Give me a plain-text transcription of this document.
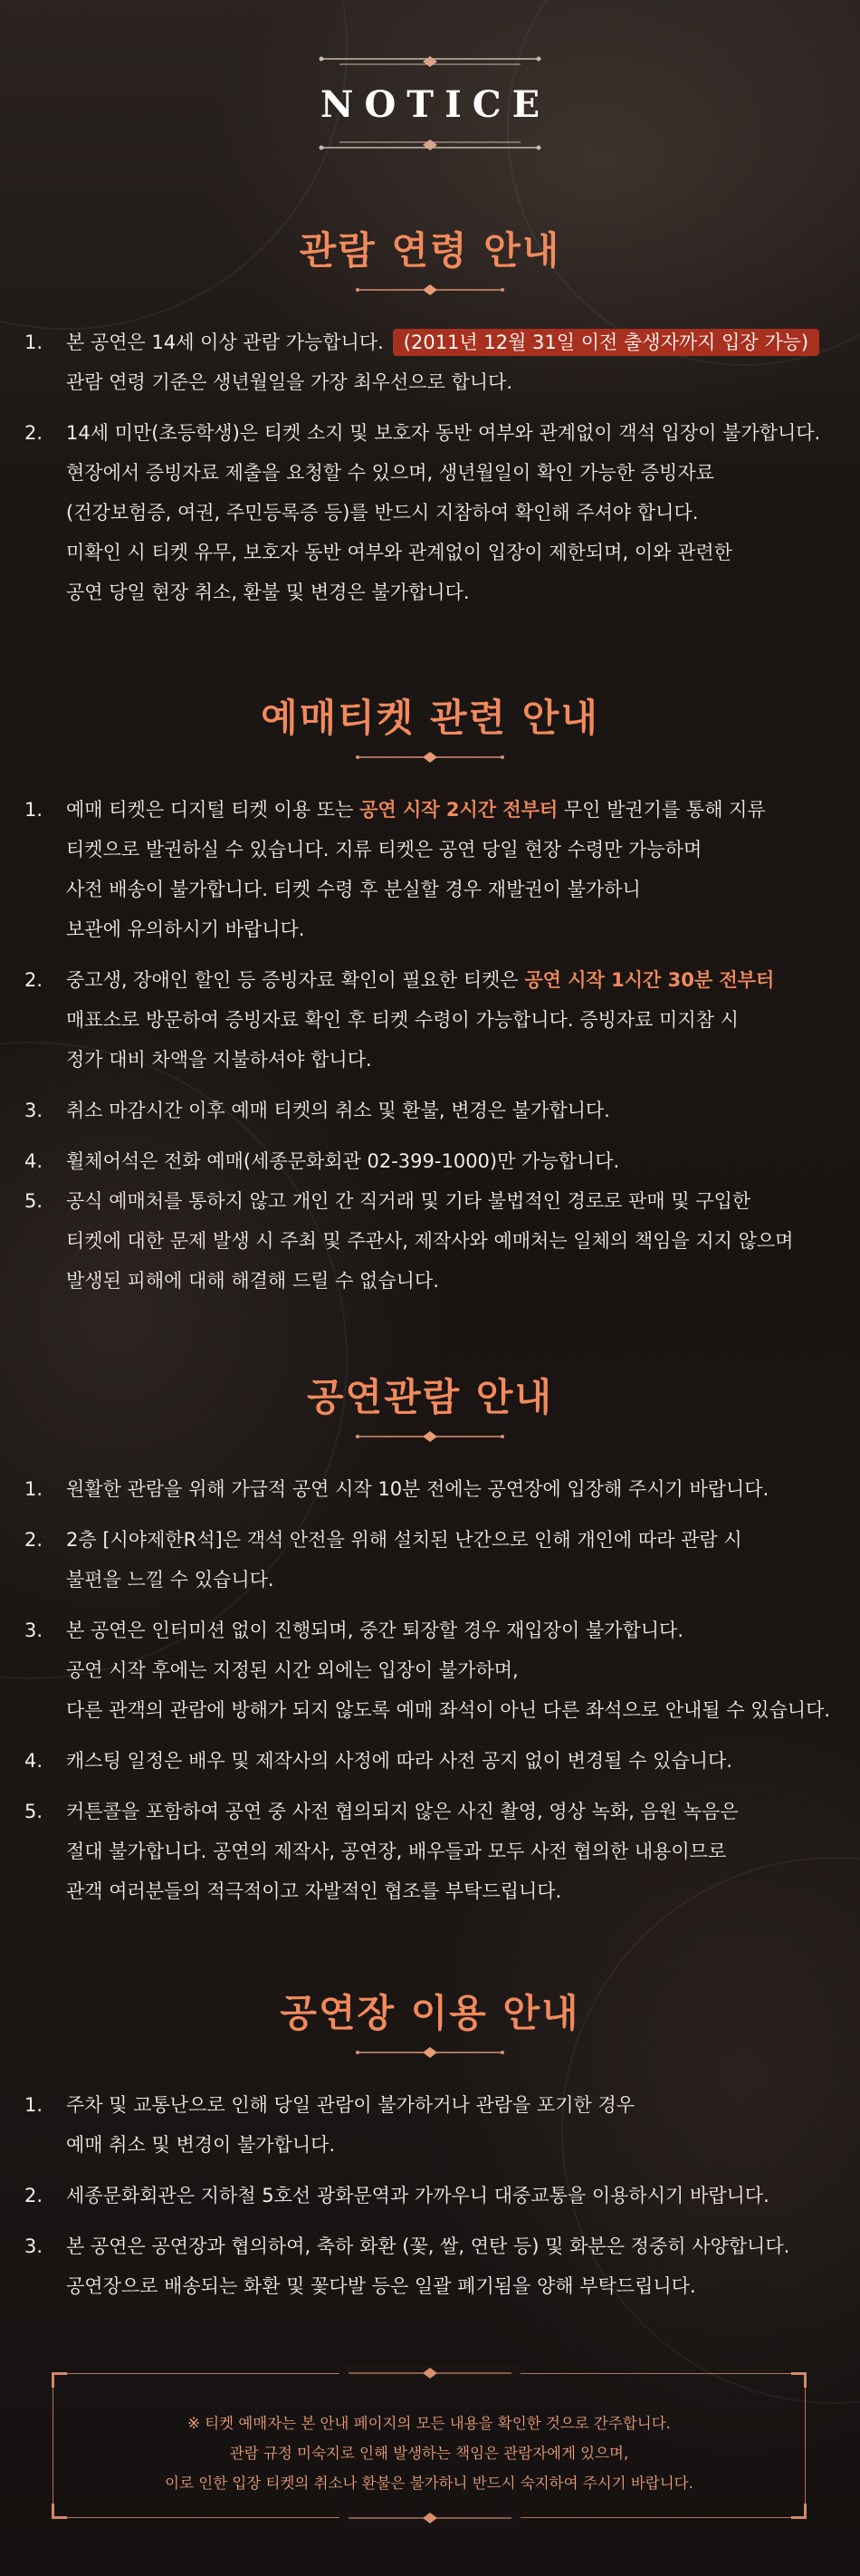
NOTICE
관람 연령 안내
1. 본 공연은 14세 이상 관람 가능합니다. (2011년 12월 31일 이전 출생자까지 입장 가능)
관람 연령 기준은 생년월일을 가장 최우선으로 합니다.
2. 14세 미만(초등학생)은 티켓 소지 및 보호자 동반 여부와 관계없이 객석 입장이 불가합니다.
현장에서 증빙자료 제출을 요청할 수 있으며, 생년월일이 확인 가능한 증빙자료
(건강보험증, 여권, 주민등록증 등)를 반드시 지참하여 확인해 주셔야 합니다.
미확인 시 티켓 유무, 보호자 동반 여부와 관계없이 입장이 제한되며, 이와 관련한
공연 당일 현장 취소, 환불 및 변경은 불가합니다.
예매티켓 관련 안내
1. 예매 티켓은 디지털 티켓 이용 또는 공연 시작 2시간 전부터 무인 발권기를 통해 지류
티켓으로 발권하실 수 있습니다. 지류 티켓은 공연 당일 현장 수령만 가능하며
사전 배송이 불가합니다. 티켓 수령 후 분실할 경우 재발권이 불가하니
보관에 유의하시기 바랍니다.
2. 중고생, 장애인 할인 등 증빙자료 확인이 필요한 티켓은 공연 시작 1시간 30분 전부터
매표소로 방문하여 증빙자료 확인 후 티켓 수령이 가능합니다. 증빙자료 미지참 시
정가 대비 차액을 지불하셔야 합니다.
3. 취소 마감시간 이후 예매 티켓의 취소 및 환불, 변경은 불가합니다.
4. 휠체어석은 전화 예매(세종문화회관 02-399-1000)만 가능합니다.
5. 공식 예매처를 통하지 않고 개인 간 직거래 및 기타 불법적인 경로로 판매 및 구입한
티켓에 대한 문제 발생 시 주최 및 주관사, 제작사와 예매처는 일체의 책임을 지지 않으며
발생된 피해에 대해 해결해 드릴 수 없습니다.
공연관람 안내
1. 원활한 관람을 위해 가급적 공연 시작 10분 전에는 공연장에 입장해 주시기 바랍니다.
2. 2층 [시야제한R석]은 객석 안전을 위해 설치된 난간으로 인해 개인에 따라 관람 시
불편을 느낄 수 있습니다.
3. 본 공연은 인터미션 없이 진행되며, 중간 퇴장할 경우 재입장이 불가합니다.
공연 시작 후에는 지정된 시간 외에는 입장이 불가하며,
다른 관객의 관람에 방해가 되지 않도록 예매 좌석이 아닌 다른 좌석으로 안내될 수 있습니다.
4. 캐스팅 일정은 배우 및 제작사의 사정에 따라 사전 공지 없이 변경될 수 있습니다.
5. 커튼콜을 포함하여 공연 중 사전 협의되지 않은 사진 촬영, 영상 녹화, 음원 녹음은
절대 불가합니다. 공연의 제작사, 공연장, 배우들과 모두 사전 협의한 내용이므로
관객 여러분들의 적극적이고 자발적인 협조를 부탁드립니다.
공연장 이용 안내
1. 주차 및 교통난으로 인해 당일 관람이 불가하거나 관람을 포기한 경우
예매 취소 및 변경이 불가합니다.
2. 세종문화회관은 지하철 5호선 광화문역과 가까우니 대중교통을 이용하시기 바랍니다.
3. 본 공연은 공연장과 협의하여, 축하 화환 (꽃, 쌀, 연탄 등) 및 화분은 정중히 사양합니다.
공연장으로 배송되는 화환 및 꽃다발 등은 일괄 폐기됨을 양해 부탁드립니다.
※ 티켓 예매자는 본 안내 페이지의 모든 내용을 확인한 것으로 간주합니다.
관람 규정 미숙지로 인해 발생하는 책임은 관람자에게 있으며,
이로 인한 입장 티켓의 취소나 환불은 불가하니 반드시 숙지하여 주시기 바랍니다.
